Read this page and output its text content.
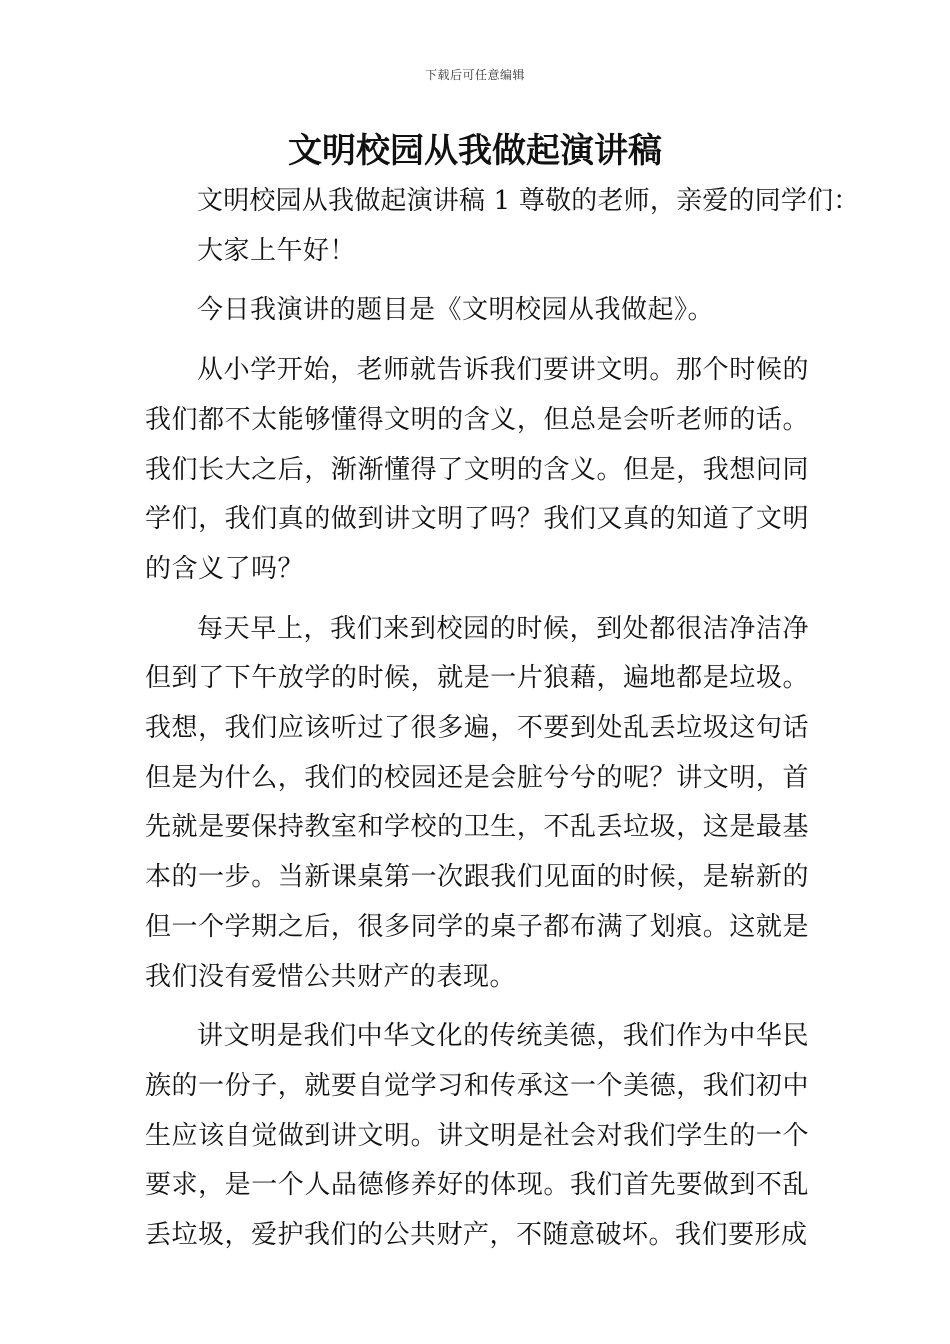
下载后可任意编辑
文明校园从我做起演讲稿

文明校园从我做起演讲稿 1 尊敬的老师，亲爱的同学们：

大家上午好！

今日我演讲的题目是《文明校园从我做起》。

从小学开始，老师就告诉我们要讲文明。那个时候的我们都不太能够懂得文明的含义，但总是会听老师的话。我们长大之后，渐渐懂得了文明的含义。但是，我想问同学们，我们真的做到讲文明了吗？我们又真的知道了文明的含义了吗？

每天早上，我们来到校园的时候，到处都很洁净洁净但到了下午放学的时候，就是一片狼藉，遍地都是垃圾。我想，我们应该听过了很多遍，不要到处乱丢垃圾这句话但是为什么，我们的校园还是会脏兮兮的呢？讲文明，首先就是要保持教室和学校的卫生，不乱丢垃圾，这是最基本的一步。当新课桌第一次跟我们见面的时候，是崭新的但一个学期之后，很多同学的桌子都布满了划痕。这就是我们没有爱惜公共财产的表现。

讲文明是我们中华文化的传统美德，我们作为中华民族的一份子，就要自觉学习和传承这一个美德，我们初中生应该自觉做到讲文明。讲文明是社会对我们学生的一个要求，是一个人品德修养好的体现。我们首先要做到不乱丢垃圾，爱护我们的公共财产，不随意破坏。我们要形成
